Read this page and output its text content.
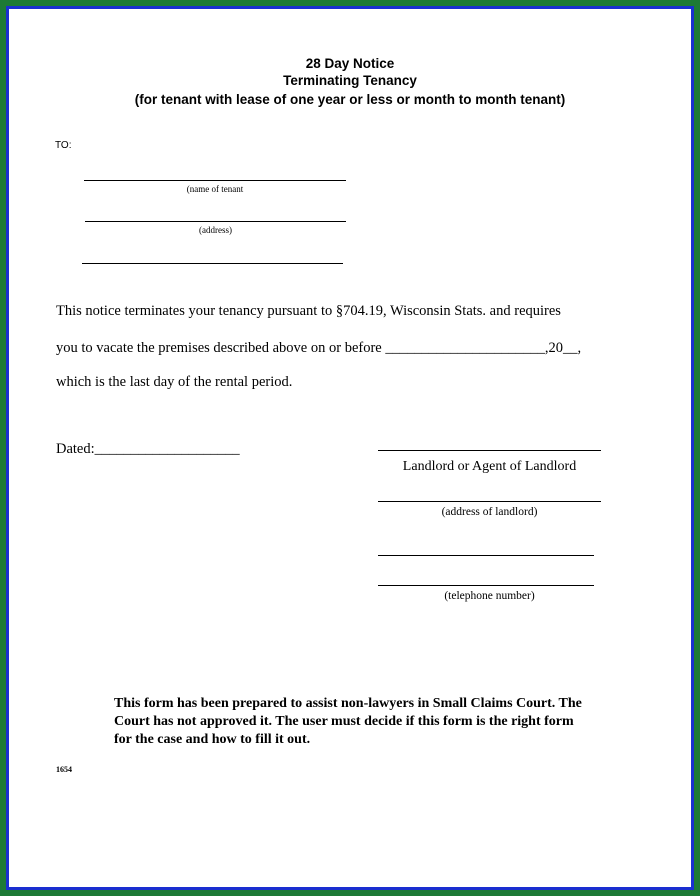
28 Day Notice
Terminating Tenancy
(for tenant with lease of one year or less or month to month tenant)
TO:
(name of tenant
(address)
This notice terminates your tenancy pursuant to §704.19, Wisconsin Stats. and requires
you to vacate the premises described above on or before ______________________,20__,
which is the last day of the rental period.
Dated:____________________
Landlord or Agent of Landlord
(address of landlord)
(telephone number)
This form has been prepared to assist non-lawyers in Small Claims Court. The Court has not approved it. The user must decide if this form is the right form for the case and how to fill it out.
1654
